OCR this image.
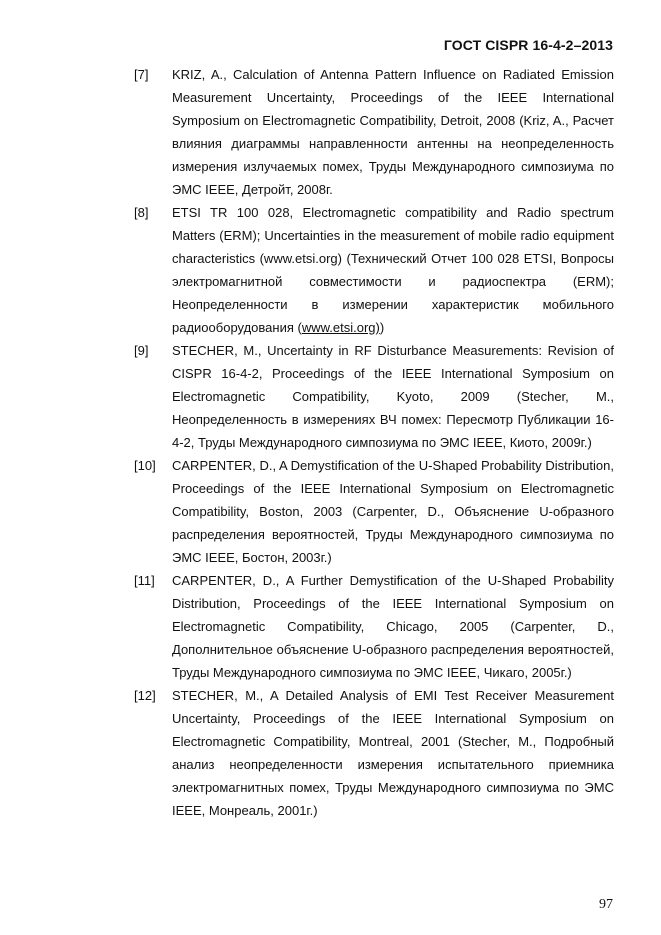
ГОСТ CISPR 16-4-2–2013
[7]	KRIZ, A., Calculation of Antenna Pattern Influence on Radiated Emission Measurement Uncertainty, Proceedings of the IEEE International Symposium on Electromagnetic Compatibility, Detroit, 2008 (Kriz, A., Расчет влияния диаграммы направленности антенны на неопределенность измерения излучаемых помех, Труды Международного симпозиума по ЭМС IEEE, Детройт, 2008г.
[8]	ETSI TR 100 028, Electromagnetic compatibility and Radio spectrum Matters (ERM); Uncertainties in the measurement of mobile radio equipment characteristics (www.etsi.org) (Технический Отчет 100 028 ETSI, Вопросы электромагнитной совместимости и радиоспектра (ERM); Неопределенности в измерении характеристик мобильного радиооборудования (www.etsi.org))
[9]	STECHER, M., Uncertainty in RF Disturbance Measurements: Revision of CISPR 16-4-2, Proceedings of the IEEE International Symposium on Electromagnetic Compatibility, Kyoto, 2009 (Stecher, M., Неопределенность в измерениях ВЧ помех: Пересмотр Публикации 16-4-2, Труды Международного симпозиума по ЭМС IEEE, Киото, 2009г.)
[10]	CARPENTER, D., A Demystification of the U-Shaped Probability Distribution, Proceedings of the IEEE International Symposium on Electromagnetic Compatibility, Boston, 2003 (Carpenter, D., Объяснение U-образного распределения вероятностей, Труды Международного симпозиума по ЭМС IEEE, Бостон, 2003г.)
[11]	CARPENTER, D., A Further Demystification of the U-Shaped Probability Distribution, Proceedings of the IEEE International Symposium on Electromagnetic Compatibility, Chicago, 2005 (Carpenter, D., Дополнительное объяснение U-образного распределения вероятностей, Труды Международного симпозиума по ЭМС IEEE, Чикаго, 2005г.)
[12]	STECHER, M., A Detailed Analysis of EMI Test Receiver Measurement Uncertainty, Proceedings of the IEEE International Symposium on Electromagnetic Compatibility, Montreal, 2001 (Stecher, M., Подробный анализ неопределенности измерения испытательного приемника электромагнитных помех, Труды Международного симпозиума по ЭМС IEEE, Монреаль, 2001г.)
97
